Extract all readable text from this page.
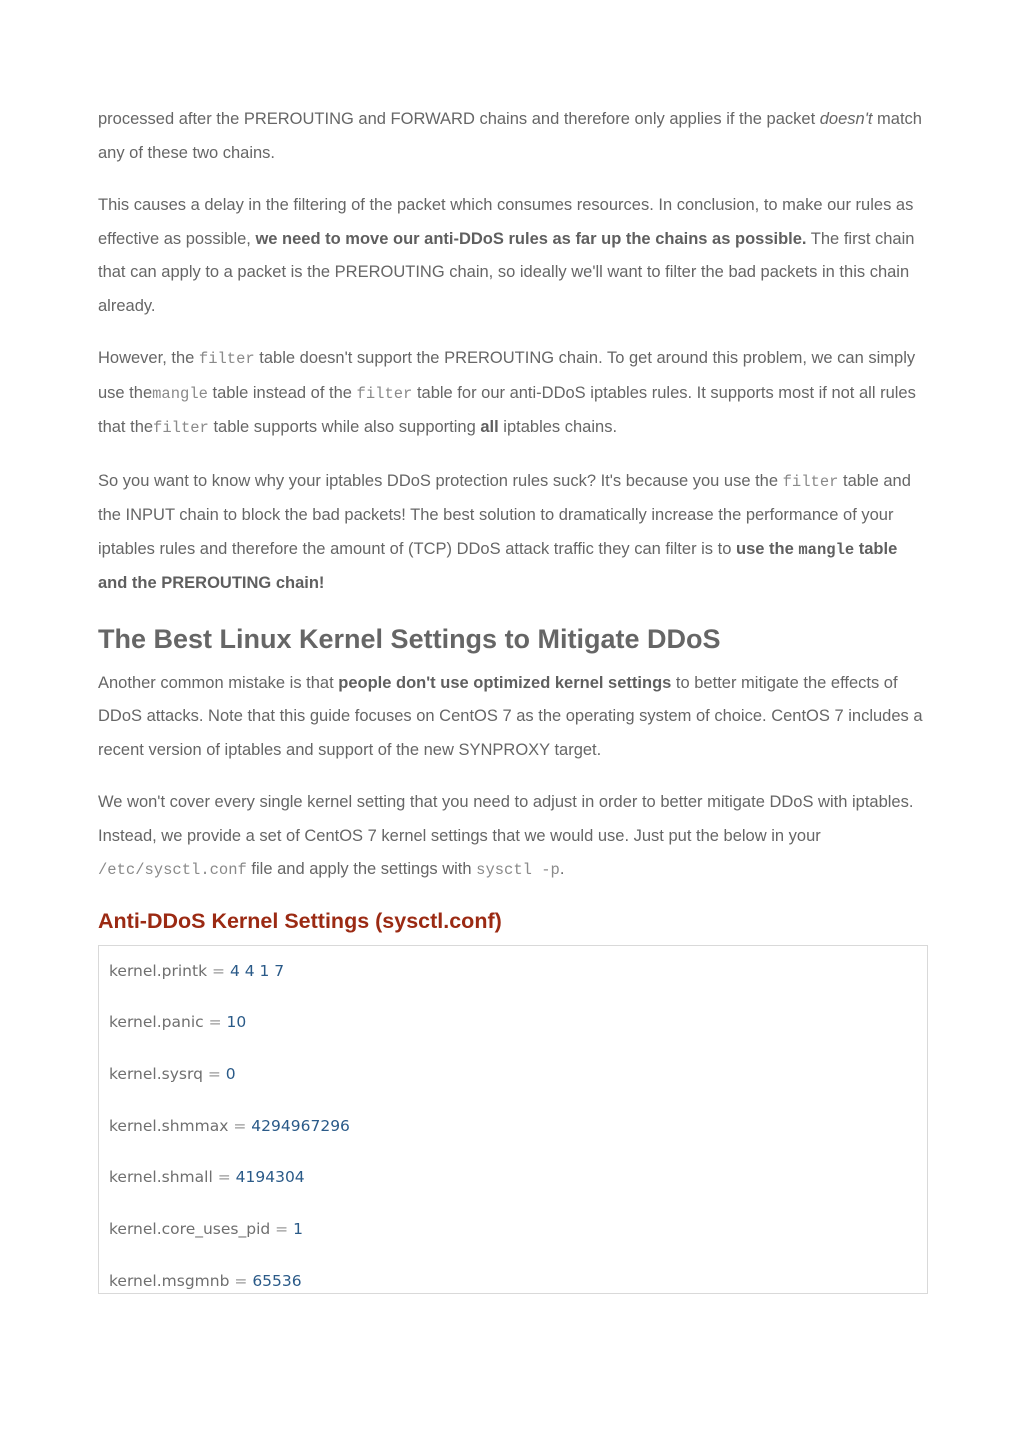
processed after the PREROUTING and FORWARD chains and therefore only applies if the packet doesn't match any of these two chains.

This causes a delay in the filtering of the packet which consumes resources. In conclusion, to make our rules as effective as possible, we need to move our anti-DDoS rules as far up the chains as possible. The first chain that can apply to a packet is the PREROUTING chain, so ideally we'll want to filter the bad packets in this chain already.

However, the filter table doesn't support the PREROUTING chain. To get around this problem, we can simply use themangle table instead of the filter table for our anti-DDoS iptables rules. It supports most if not all rules that thefilter table supports while also supporting all iptables chains.

So you want to know why your iptables DDoS protection rules suck? It's because you use the filter table and the INPUT chain to block the bad packets! The best solution to dramatically increase the performance of your iptables rules and therefore the amount of (TCP) DDoS attack traffic they can filter is to use the mangle table and the PREROUTING chain!

The Best Linux Kernel Settings to Mitigate DDoS

Another common mistake is that people don't use optimized kernel settings to better mitigate the effects of DDoS attacks. Note that this guide focuses on CentOS 7 as the operating system of choice. CentOS 7 includes a recent version of iptables and support of the new SYNPROXY target.

We won't cover every single kernel setting that you need to adjust in order to better mitigate DDoS with iptables. Instead, we provide a set of CentOS 7 kernel settings that we would use. Just put the below in your /etc/sysctl.conf file and apply the settings with sysctl -p.

Anti-DDoS Kernel Settings (sysctl.conf)
kernel.printk = 4 4 1 7
kernel.panic = 10
kernel.sysrq = 0
kernel.shmmax = 4294967296
kernel.shmall = 4194304
kernel.core_uses_pid = 1
kernel.msgmnb = 65536
